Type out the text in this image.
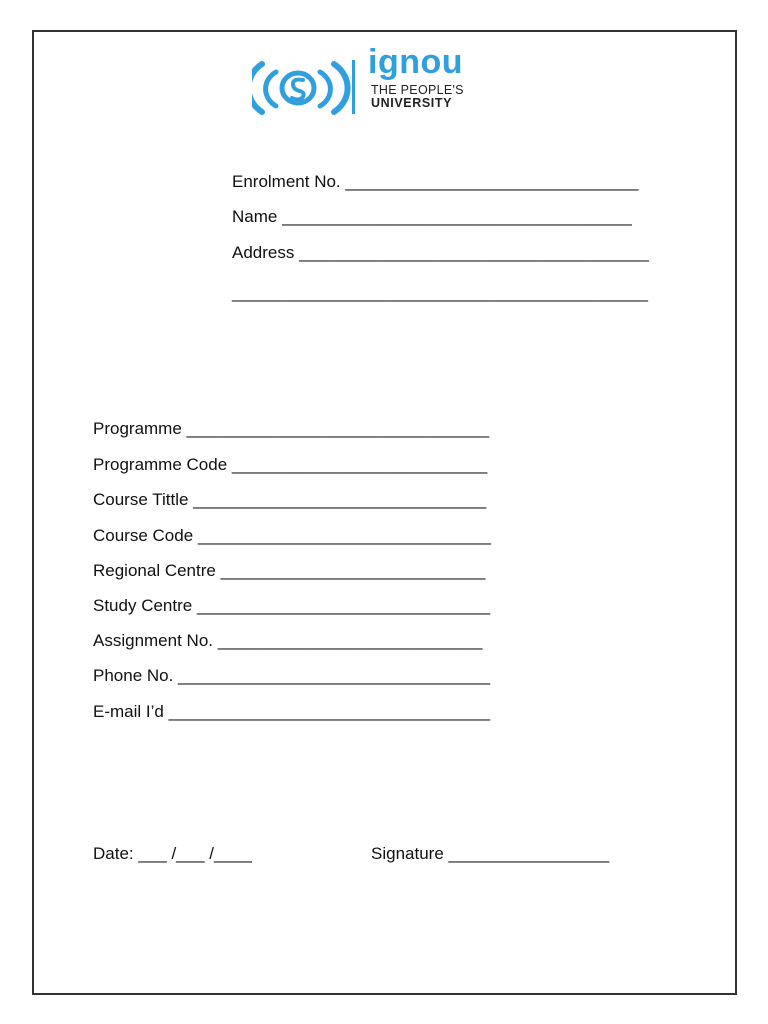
ignou
THE PEOPLE'S
UNIVERSITY
Enrolment No. _______________________________
Name _____________________________________
Address _____________________________________
____________________________________________
Programme ________________________________
Programme Code ___________________________
Course Tittle _______________________________
Course Code _______________________________
Regional Centre ____________________________
Study Centre _______________________________
Assignment No. ____________________________
Phone No. _________________________________
E-mail I’d __________________________________
Date: ___ /___ /____	Signature _________________
